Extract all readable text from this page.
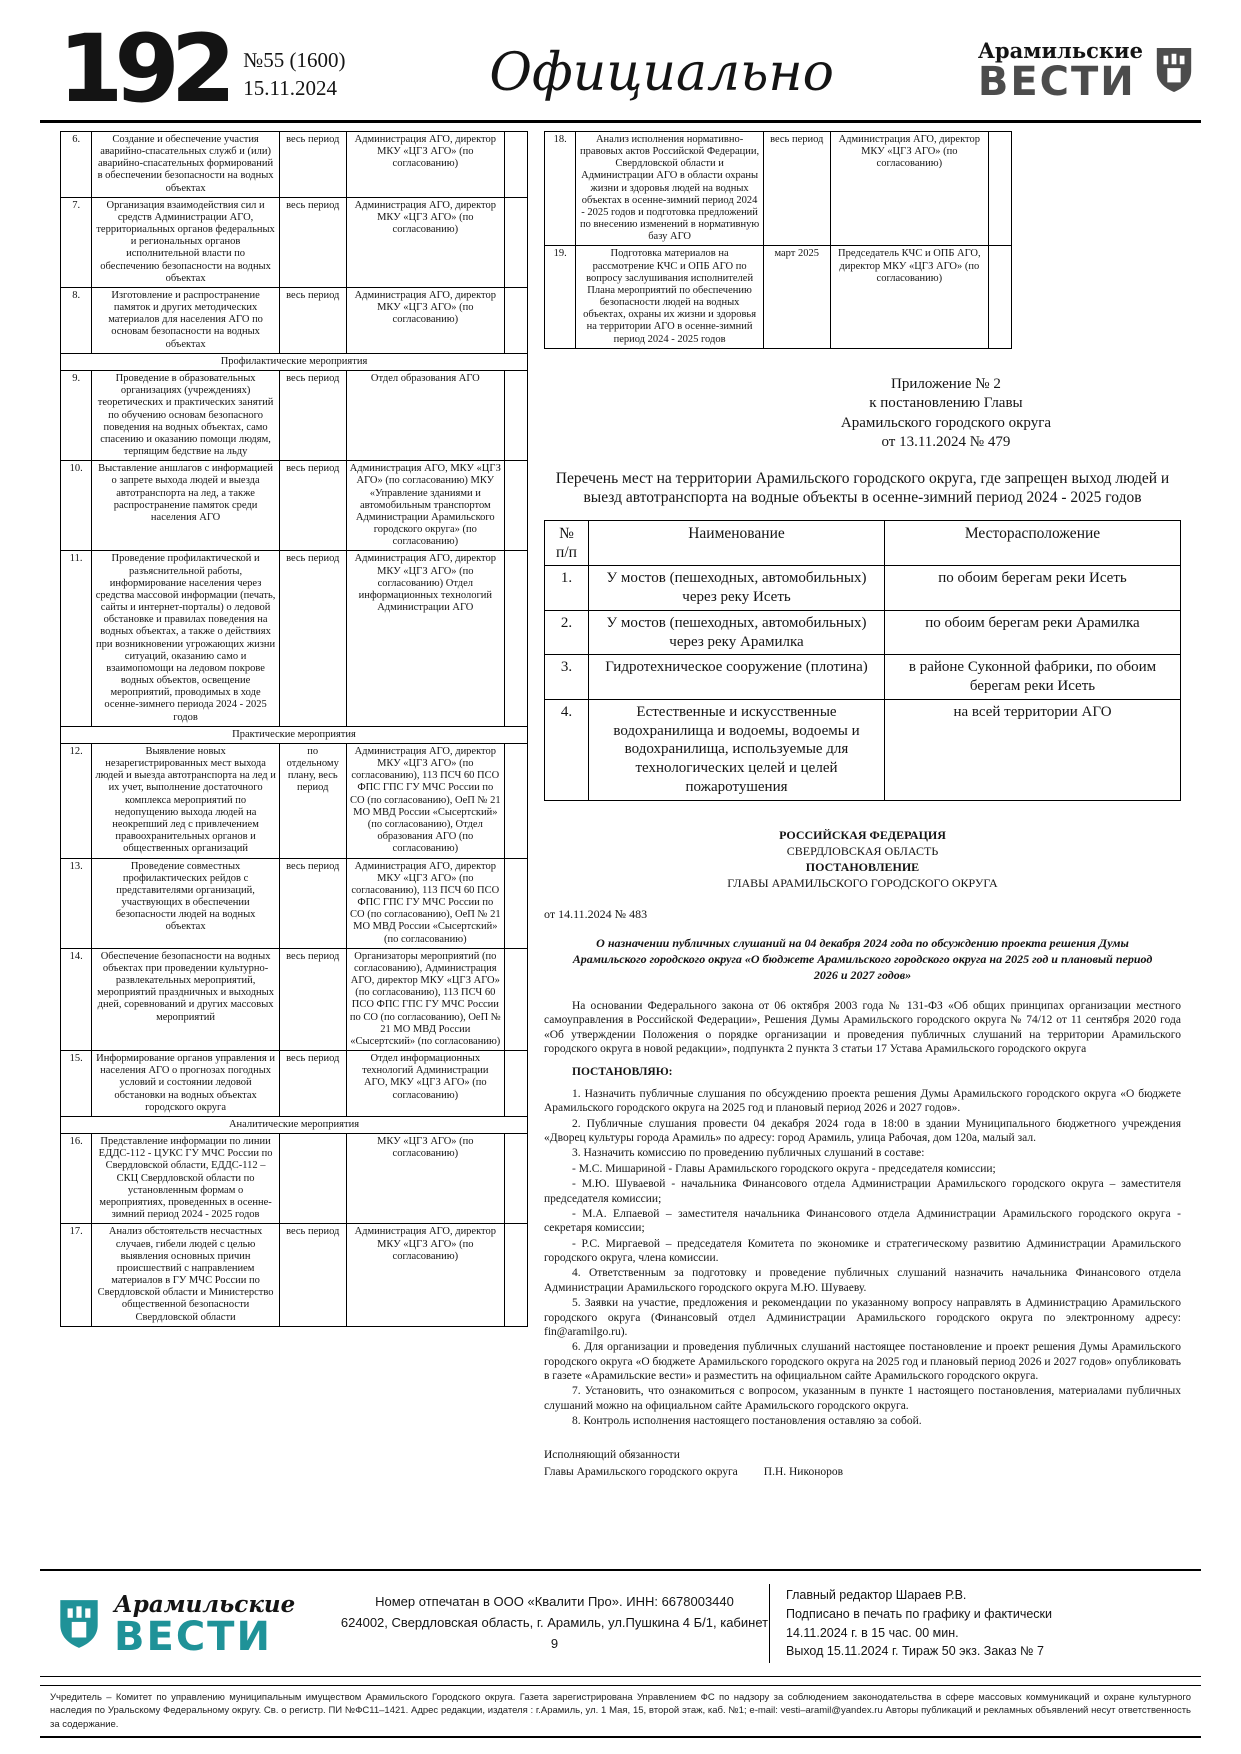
192 №55 (1600)
15.11.2024	Официально	Арамильские
ВЕСТИ
6.	Создание и обеспечение участия аварийно-спасательных служб и (или) аварийно-спасательных формирований в обеспечении безопасности на водных объектах	весь период	Администрация АГО, директор МКУ «ЦГЗ АГО» (по согласованию)	
7.	Организация взаимодействия сил и средств Администрации АГО, территориальных органов федеральных и региональных органов исполнительной власти по обеспечению безопасности на водных объектах	весь период	Администрация АГО, директор МКУ «ЦГЗ АГО» (по согласованию)	
8.	Изготовление и распространение памяток и других методических материалов для населения АГО по основам безопасности на водных объектах	весь период	Администрация АГО, директор МКУ «ЦГЗ АГО» (по согласованию)	
Профилактические мероприятия				
9.	Проведение в образовательных организациях (учреждениях) теоретических и практических занятий по обучению основам безопасного поведения на водных объектах, само спасению и оказанию помощи людям, терпящим бедствие на льду	весь период	Отдел образования АГО	
10.	Выставление аншлагов с информацией о запрете выхода людей и выезда автотранспорта на лед, а также распространение памяток среди населения АГО	весь период	Администрация АГО, МКУ «ЦГЗ АГО» (по согласованию) МКУ «Управление зданиями и автомобильным транспортом Администрации Арамильского городского округа» (по согласованию)	
11.	Проведение профилактической и разъяснительной работы, информирование населения через средства массовой информации (печать, сайты и интернет-порталы) о ледовой обстановке и правилах поведения на водных объектах, а также о действиях при возникновении угрожающих жизни ситуаций, оказанию само и взаимопомощи на ледовом покрове водных объектов, освещение мероприятий, проводимых в ходе осенне-зимнего периода 2024 - 2025 годов	весь период	Администрация АГО, директор МКУ «ЦГЗ АГО» (по согласованию) Отдел информационных технологий Администрации АГО	
Практические мероприятия				
12.	Выявление новых незарегистрированных мест выхода людей и выезда автотранспорта на лед и их учет, выполнение достаточного комплекса мероприятий по недопущению выхода людей на неокрепший лед с привлечением правоохранительных органов и общественных организаций	по отдельному плану, весь период	Администрация АГО, директор МКУ «ЦГЗ АГО» (по согласованию), 113 ПСЧ 60 ПСО ФПС ГПС ГУ МЧС России по СО (по согласованию), ОеП № 21 МО МВД России «Сысертский» (по согласованию), Отдел образования АГО (по согласованию)	
13.	Проведение совместных профилактических рейдов с представителями организаций, участвующих в обеспечении безопасности людей на водных объектах	весь период	Администрация АГО, директор МКУ «ЦГЗ АГО» (по согласованию), 113 ПСЧ 60 ПСО ФПС ГПС ГУ МЧС России по СО (по согласованию), ОеП № 21 МО МВД России «Сысертский» (по согласованию)	
14.	Обеспечение безопасности на водных объектах при проведении культурно-развлекательных мероприятий, мероприятий праздничных и выходных дней, соревнований и других массовых мероприятий	весь период	Организаторы мероприятий (по согласованию), Администрация АГО, директор МКУ «ЦГЗ АГО» (по согласованию), 113 ПСЧ 60 ПСО ФПС ГПС ГУ МЧС России по СО (по согласованию), ОеП № 21 МО МВД России «Сысертский» (по согласованию)	
15.	Информирование органов управления и населения АГО о прогнозах погодных условий и состоянии ледовой обстановки на водных объектах городского округа	весь период	Отдел информационных технологий Администрации АГО, МКУ «ЦГЗ АГО» (по согласованию)	
Аналитические мероприятия				
16.	Представление информации по линии ЕДДС-112 - ЦУКС ГУ МЧС России по Свердловской области, ЕДДС-112 – СКЦ Свердловской области по установленным формам о мероприятиях, проведенных в осенне-зимний период 2024 - 2025 годов		МКУ «ЦГЗ АГО» (по согласованию)	
17.	Анализ обстоятельств несчастных случаев, гибели людей с целью выявления основных причин происшествий с направлением материалов в ГУ МЧС России по Свердловской области и Министерство общественной безопасности Свердловской области	весь период	Администрация АГО, директор МКУ «ЦГЗ АГО» (по согласованию)	
18.	Анализ исполнения нормативно-правовых актов Российской Федерации, Свердловской области и Администрации АГО в области охраны жизни и здоровья людей на водных объектах в осенне-зимний период 2024 - 2025 годов и подготовка предложений по внесению изменений в нормативную базу АГО	весь период	Администрация АГО, директор МКУ «ЦГЗ АГО» (по согласованию)	
19.	Подготовка материалов на рассмотрение КЧС и ОПБ АГО по вопросу заслушивания исполнителей Плана мероприятий по обеспечению безопасности людей на водных объектах, охраны их жизни и здоровья на территории АГО в осенне-зимний период 2024 - 2025 годов	март 2025	Председатель КЧС и ОПБ АГО, директор МКУ «ЦГЗ АГО» (по согласованию)	
Приложение № 2
к постановлению Главы
Арамильского городского округа
от 13.11.2024 № 479

Перечень мест на территории Арамильского городского округа, где запрещен выход людей и выезд автотранспорта на водные объекты в осенне-зимний период 2024 - 2025 годов

№ п/п	Наименование	Месторасположение
1.	У мостов (пешеходных, автомобильных) через реку Исеть	по обоим берегам реки Исеть
2.	У мостов (пешеходных, автомобильных) через реку Арамилка	по обоим берегам реки Арамилка
3.	Гидротехническое сооружение (плотина)	в районе Суконной фабрики, по обоим берегам реки Исеть
4.	Естественные и искусственные водохранилища и водоемы, водоемы и водохранилища, используемые для технологических целей и целей пожаротушения	на всей территории АГО
РОССИЙСКАЯ ФЕДЕРАЦИЯ
СВЕРДЛОВСКАЯ ОБЛАСТЬ
ПОСТАНОВЛЕНИЕ
ГЛАВЫ АРАМИЛЬСКОГО ГОРОДСКОГО ОКРУГА
от 14.11.2024 № 483

О назначении публичных слушаний на 04 декабря 2024 года по обсуждению проекта решения Думы Арамильского городского округа «О бюджете Арамильского городского округа на 2025 год и плановый период 2026 и 2027 годов»

На основании Федерального закона от 06 октября 2003 года № 131-ФЗ «Об общих принципах организации местного самоуправления в Российской Федерации», Решения Думы Арамильского городского округа № 74/12 от 11 сентября 2020 года «Об утверждении Положения о порядке организации и проведения публичных слушаний на территории Арамильского городского округа в новой редакции», подпункта 2 пункта 3 статьи 17 Устава Арамильского городского округа

ПОСТАНОВЛЯЮ:

1. Назначить публичные слушания по обсуждению проекта решения Думы Арамильского городского округа «О бюджете Арамильского городского округа на 2025 год и плановый период 2026 и 2027 годов».

2. Публичные слушания провести 04 декабря 2024 года в 18:00 в здании Муниципального бюджетного учреждения «Дворец культуры города Арамиль» по адресу: город Арамиль, улица Рабочая, дом 120а, малый зал.

3. Назначить комиссию по проведению публичных слушаний в составе:

- М.С. Мишариной - Главы Арамильского городского округа - председателя комиссии;

- М.Ю. Шуваевой - начальника Финансового отдела Администрации Арамильского городского округа – заместителя председателя комиссии;

- М.А. Елпаевой – заместителя начальника Финансового отдела Администрации Арамильского городского округа - секретаря комиссии;

- Р.С. Миргаевой – председателя Комитета по экономике и стратегическому развитию Администрации Арамильского городского округа, члена комиссии.

4. Ответственным за подготовку и проведение публичных слушаний назначить начальника Финансового отдела Администрации Арамильского городского округа М.Ю. Шуваеву.

5. Заявки на участие, предложения и рекомендации по указанному вопросу направлять в Администрацию Арамильского городского округа (Финансовый отдел Администрации Арамильского городского округа по электронному адресу: fin@aramilgo.ru).

6. Для организации и проведения публичных слушаний настоящее постановление и проект решения Думы Арамильского городского округа «О бюджете Арамильского городского округа на 2025 год и плановый период 2026 и 2027 годов» опубликовать в газете «Арамильские вести» и разместить на официальном сайте Арамильского городского округа.

7. Установить, что ознакомиться с вопросом, указанным в пункте 1 настоящего постановления, материалами публичных слушаний можно на официальном сайте Арамильского городского округа.

8. Контроль исполнения настоящего постановления оставляю за собой.

Исполняющий обязанности
Главы Арамильского городского округа П.Н. Никоноров
Арамильские
ВЕСТИ
Номер отпечатан в ООО «Квалити Про». ИНН: 6678003440
624002, Свердловская область, г. Арамиль, ул.Пушкина 4 Б/1, кабинет 9
Главный редактор Шараев Р.В.
Подписано в печать по графику и фактически
14.11.2024 г. в 15 час. 00 мин.
Выход 15.11.2024 г. Тираж 50 экз. Заказ № 7
Учредитель – Комитет по управлению муниципальным имуществом Арамильского Городского округа. Газета зарегистрирована Управлением ФС по надзору за соблюдением законодательства в сфере массовых коммуникаций и охране культурного наследия по Уральскому Федеральному округу. Св. о регистр. ПИ №ФС11–1421. Адрес редакции, издателя : г.Арамиль, ул. 1 Мая, 15, второй этаж, каб. №1; e-mail: vesti–aramil@yandex.ru Авторы публикаций и рекламных объявлений несут ответственность за содержание.
